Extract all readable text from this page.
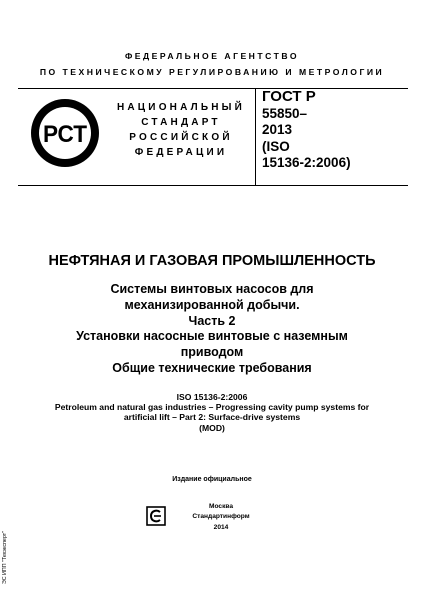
ФЕДЕРАЛЬНОЕ АГЕНТСТВО
ПО ТЕХНИЧЕСКОМУ РЕГУЛИРОВАНИЮ И МЕТРОЛОГИИ
РСТ
НАЦИОНАЛЬНЫЙ
СТАНДАРТ
РОССИЙСКОЙ
ФЕДЕРАЦИИ
ГОСТ Р
55850–
2013
(ISO
15136-2:2006)
НЕФТЯНАЯ И ГАЗОВАЯ ПРОМЫШЛЕННОСТЬ
Системы винтовых насосов для
механизированной добычи.
Часть 2
Установки насосные винтовые с наземным
приводом
Общие технические требования
ISO 15136-2:2006
Petroleum and natural gas industries – Progressing cavity pump systems for
artificial lift – Part 2: Surface-drive systems
(MOD)
Издание официальное
Москва
Стандартинформ
2014
ЭС ИПП "Техэксперт"
